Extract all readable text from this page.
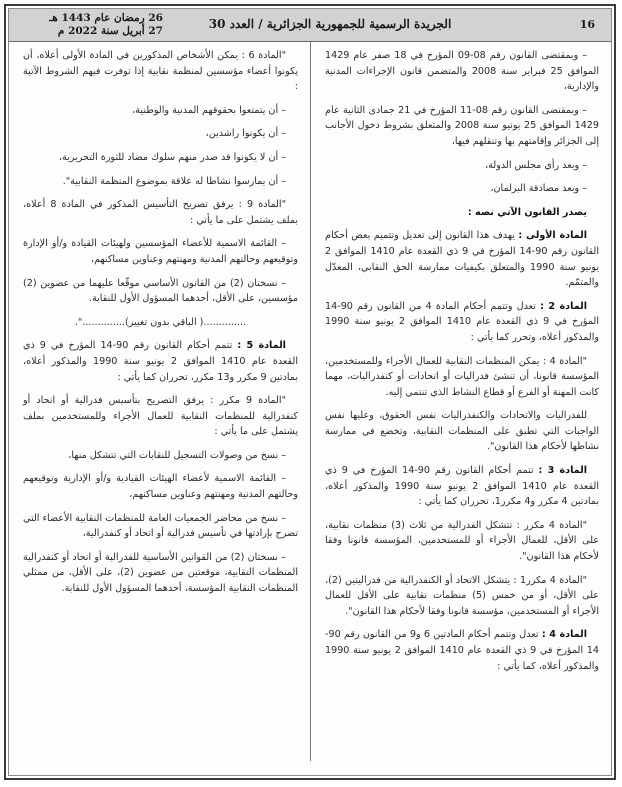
16
الجريدة الرسمية للجمهورية الجزائرية / العدد 30
26 رمضان عام 1443 هـ
27 أبريل سنة 2022 م

– وبمقتضى القانون رقم 08-09 المؤرخ في 18 صفر عام 1429 الموافق 25 فبراير سنة 2008 والمتضمن قانون الإجراءات المدنية والإدارية،

– وبمقتضى القانون رقم 08-11 المؤرخ في 21 جمادى الثانية عام 1429 الموافق 25 يونيو سنة 2008 والمتعلق بشروط دخول الأجانب إلى الجزائر وإقامتهم بها وتنقلهم فيها،

– وبعد رأي مجلس الدولة،

– وبعد مصادقة البرلمان،

يصدر القانون الآتي نصه :

المادة الأولى : يهدف هذا القانون إلى تعديل وتتميم بعض أحكام القانون رقم 90-14 المؤرخ في 9 ذي القعدة عام 1410 الموافق 2 يونيو سنة 1990 والمتعلق بكيفيات ممارسة الحق النقابي، المعدّل والمتمّم.

المادة 2 : تعدل وتتمم أحكام المادة 4 من القانون رقم 90-14 المؤرخ في 9 ذي القعدة عام 1410 الموافق 2 يونيو سنة 1990 والمذكور أعلاه، وتحرر كما يأتي :

"المادة 4 : يمكن المنظمات النقابية للعمال الأجراء وللمستخدمين، المؤسسة قانونا، أن تنشئ فدراليات أو اتحادات أو كنفدراليات، مهما كانت المهنة أو الفرع أو قطاع النشاط الذي تنتمي إليه.

للفدراليات والاتحادات والكنفدراليات نفس الحقوق، وعليها نفس الواجبات التي تطبق على المنظمات النقابية، وتخضع في ممارسة نشاطها لأحكام هذا القانون".

المادة 3 : تتمم أحكام القانون رقم 90-14 المؤرخ في 9 ذي القعدة عام 1410 الموافق 2 يونيو سنة 1990 والمذكور أعلاه، بمادتين 4 مكرر و4 مكرر1، تحرران كما يأتي :

"المادة 4 مكرر : تتشكل الفدرالية من ثلاث (3) منظمات نقابية، على الأقل، للعمال الأجراء أو للمستخدمين، المؤسسة قانونا وفقا لأحكام هذا القانون".

"المادة 4 مكرر1 : يتشكل الاتحاد أو الكنفدرالية من فدراليتين (2)، على الأقل، أو من خمس (5) منظمات نقابية على الأقل للعمال الأجراء أو المستخدمين، مؤسسة قانونا وفقا لأحكام هذا القانون".

المادة 4 : تعدل وتتمم أحكام المادتين 6 و9 من القانون رقم 90-14 المؤرخ في 9 ذي القعدة عام 1410 الموافق 2 يونيو سنة 1990 والمذكور أعلاه، كما يأتي :

"المادة 6 : يمكن الأشخاص المذكورين في المادة الأولى أعلاه، أن يكونوا أعضاء مؤسسين لمنظمة نقابية إذا توفرت فيهم الشروط الآتية :

– أن يتمتعوا بحقوقهم المدنية والوطنية،

– أن يكونوا راشدين،

– أن لا يكونوا قد صدر منهم سلوك مضاد للثورة التحريرية،

– أن يمارسوا نشاطا له علاقة بموضوع المنظمة النقابية".

"المادة 9 : يرفق تصريح التأسيس المذكور في المادة 8 أعلاه، بملف يشتمل على ما يأتي :

– القائمة الاسمية للأعضاء المؤسسين ولهيئات القيادة و/أو الإدارة وتوقيعهم وحالتهم المدنية ومهنتهم وعناوين مساكنهم،

– نسختان (2) من القانون الأساسي موقّعا عليهما من عضوين (2) مؤسسين، على الأقل، أحدهما المسؤول الأول للنقابة.

..............( الباقي بدون تغيير)..............".

المادة 5 : تتمم أحكام القانون رقم 90-14 المؤرخ في 9 ذي القعدة عام 1410 الموافق 2 يونيو سنة 1990 والمذكور أعلاه، بمادتين 9 مكرر و13 مكرر، تحرران كما يأتي :

"المادة 9 مكرر : يرفق التصريح بتأسيس فدرالية أو اتحاد أو كنفدرالية للمنظمات النقابية للعمال الأجراء وللمستخدمين بملف يشتمل على ما يأتي :

– نسخ من وصولات التسجيل للنقابات التي تتشكل منها،

– القائمة الاسمية لأعضاء الهيئات القيادية و/أو الإدارية وتوقيعهم وحالتهم المدنية ومهنتهم وعناوين مساكنهم،

– نسخ من محاضر الجمعيات العامة للمنظمات النقابية الأعضاء التي تصرح بإرادتها في تأسيس فدرالية أو اتحاد أو كنفدرالية،

– نسختان (2) من القوانين الأساسية للفدرالية أو اتحاد أو كنفدرالية المنظمات النقابية، موقعتين من عضوين (2)، على الأقل، من ممثلي المنظمات النقابية المؤسسة، أحدهما المسؤول الأول للنقابة.
